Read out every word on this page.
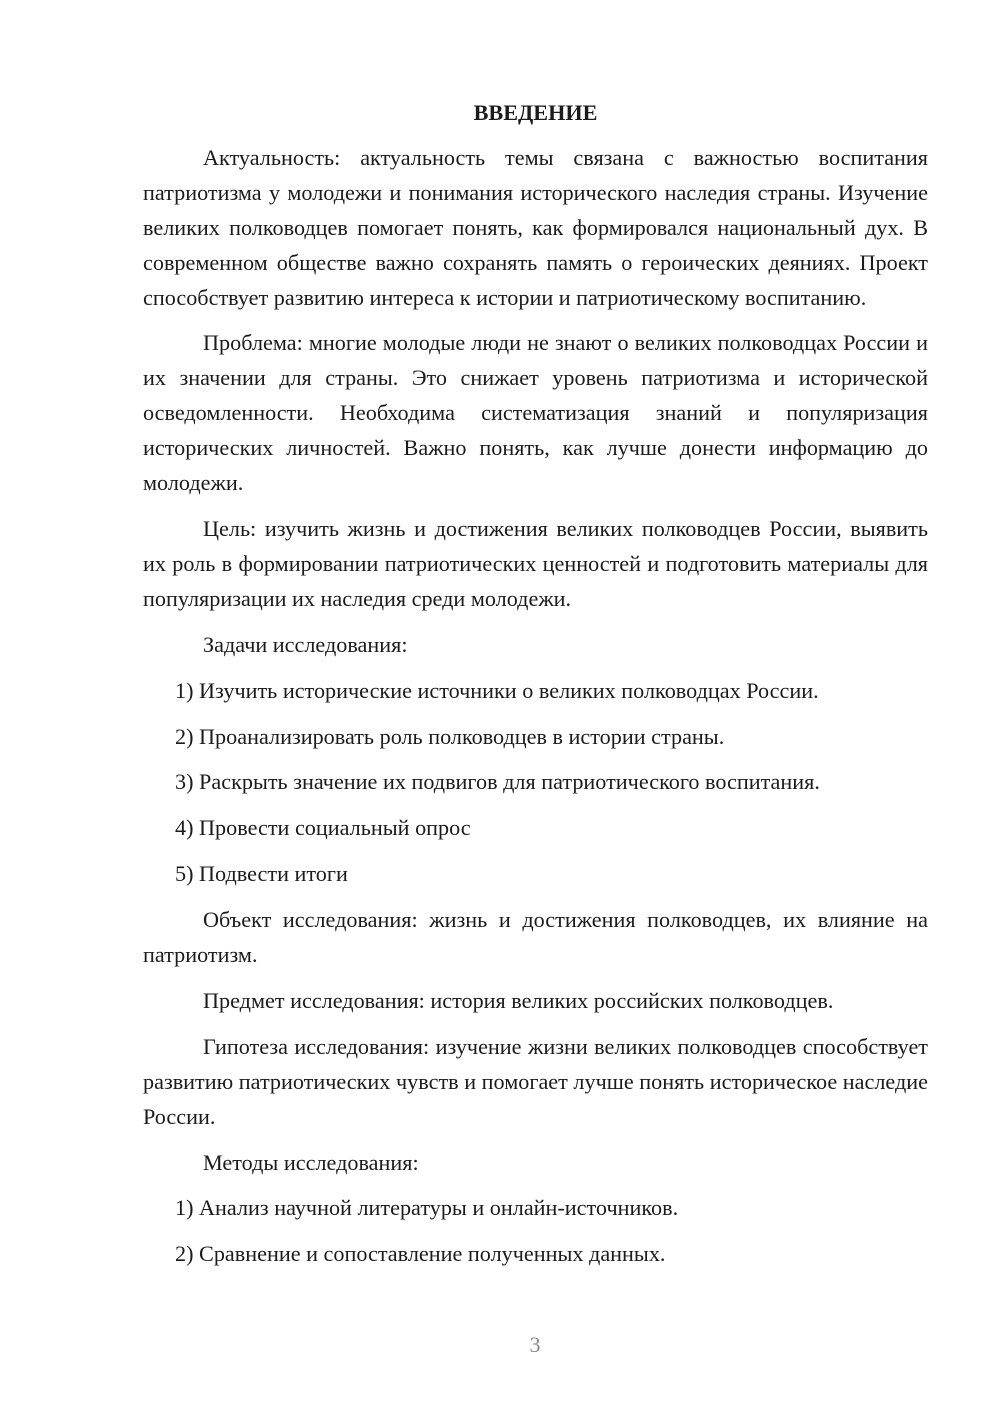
ВВЕДЕНИЕ

Актуальность: актуальность темы связана с важностью воспитания патриотизма у молодежи и понимания исторического наследия страны. Изучение великих полководцев помогает понять, как формировался национальный дух. В современном обществе важно сохранять память о героических деяниях. Проект способствует развитию интереса к истории и патриотическому воспитанию.

Проблема: многие молодые люди не знают о великих полководцах России и их значении для страны. Это снижает уровень патриотизма и исторической осведомленности. Необходима систематизация знаний и популяризация исторических личностей. Важно понять, как лучше донести информацию до молодежи.

Цель: изучить жизнь и достижения великих полководцев России, выявить их роль в формировании патриотических ценностей и подготовить материалы для популяризации их наследия среди молодежи.

Задачи исследования:

1) Изучить исторические источники о великих полководцах России.
2) Проанализировать роль полководцев в истории страны.
3) Раскрыть значение их подвигов для патриотического воспитания.
4) Провести социальный опрос
5) Подвести итоги

Объект исследования: жизнь и достижения полководцев, их влияние на патриотизм.

Предмет исследования: история великих российских полководцев.

Гипотеза исследования: изучение жизни великих полководцев способствует развитию патриотических чувств и помогает лучше понять историческое наследие России.

Методы исследования:

1) Анализ научной литературы и онлайн-источников.
2) Сравнение и сопоставление полученных данных.
3
